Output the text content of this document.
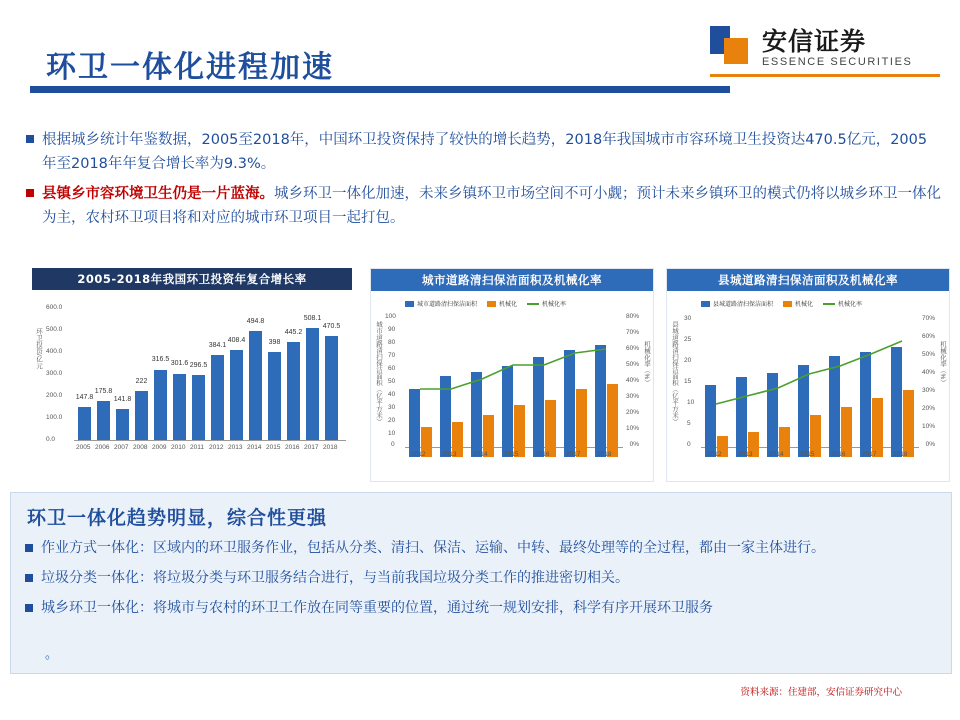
环卫一体化进程加速
安信证券
ESSENCE SECURITIES
根据城乡统计年鉴数据，2005至2018年，中国环卫投资保持了较快的增长趋势，2018年我国城市市容环境卫生投资达470.5亿元，2005年至2018年年复合增长率为9.3%。
县镇乡市容环境卫生仍是一片蓝海。城乡环卫一体化加速，未来乡镇环卫市场空间不可小觑；预计未来乡镇环卫的模式仍将以城乡环卫一体化为主，农村环卫项目将和对应的城市环卫项目一起打包。
2005-2018年我国环卫投资年复合增长率
环卫投资/亿元
0.0
100.0
200.0
300.0
400.0
500.0
600.0
147.8
175.8
141.8
222
316.5
301.6 296.5
384.1
408.4
494.8
398
445.2
508.1
470.5
2005 2006 2007 2008 2009 2010 2011 2012 2013 2014 2015 2016 2017 2018
城市道路清扫保洁面积及机械化率
城市道路清扫保洁面积（亿平方米）	机械化率（%）
城市道路清扫保洁面积	机械化	机械化率
100
90
80
70
60
50
40
30
20
10
0
80%
70%
60%
50%
40%
30%
20%
10%
0%
2012	2013	2014	2015	2016	2017	2018
县城道路清扫保洁面积及机械化率
县城道路清扫保洁面积（亿平方米）	机械化率（%）
县城道路清扫保洁面积	机械化	机械化率
30
25
20
15
10
5
0
70%
60%
50%
40%
30%
20%
10%
0%
2012	2013	2014	2015	2016	2017	2018
环卫一体化趋势明显，综合性更强
作业方式一体化：区域内的环卫服务作业，包括从分类、清扫、保洁、运输、中转、最终处理等的全过程，都由一家主体进行。
垃圾分类一体化：将垃圾分类与环卫服务结合进行，与当前我国垃圾分类工作的推进密切相关。
城乡环卫一体化：将城市与农村的环卫工作放在同等重要的位置，通过统一规划安排，科学有序开展环卫服务
。
资料来源：住建部，安信证券研究中心
